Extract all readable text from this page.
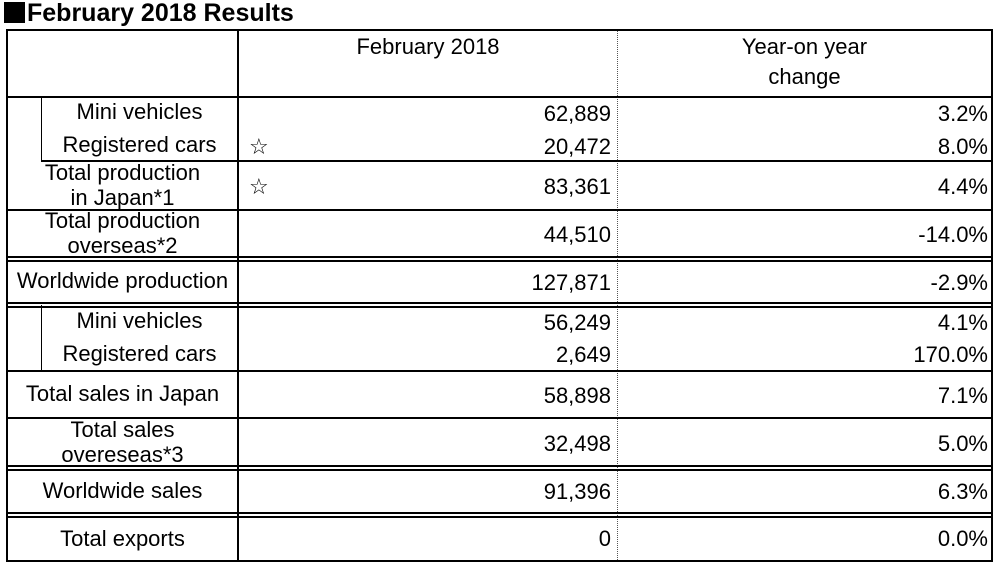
February 2018 Results
February 2018	Year-on year
change
Mini vehicles	62,889	3.2%
Registered cars	☆	20,472	8.0%
Total production
in Japan*1	☆	83,361	4.4%
Total production
overseas*2	44,510	-14.0%
Worldwide production	127,871	-2.9%
Mini vehicles	56,249	4.1%
Registered cars	2,649	170.0%
Total sales in Japan	58,898	7.1%
Total sales
overeseas*3	32,498	5.0%
Worldwide sales	91,396	6.3%
Total exports	0	0.0%
